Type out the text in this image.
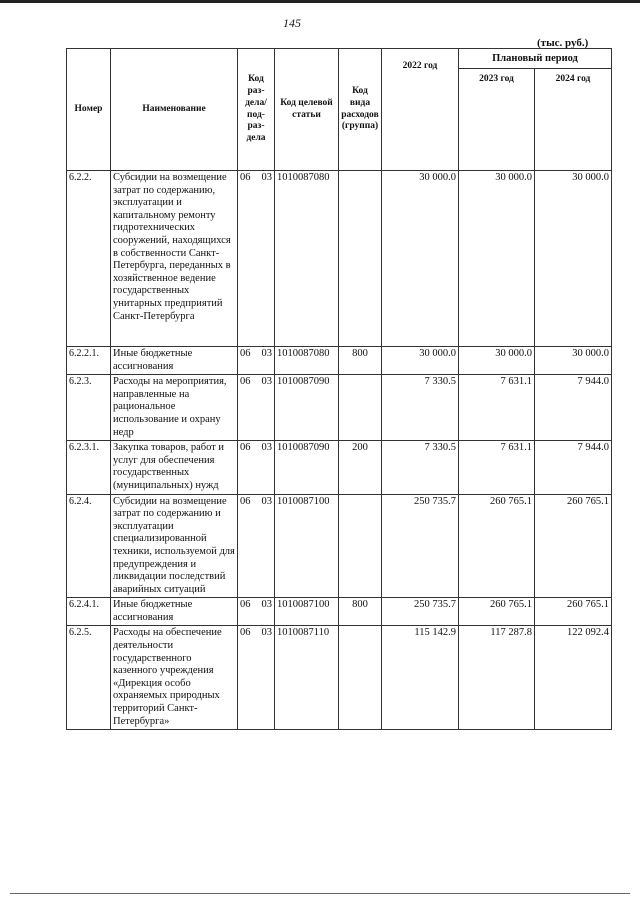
145
(тыс. руб.)
Номер	Наименование	Код раз-дела/ под-раз-дела		Код целевой статьи	Код вида расходов (группа)	2022 год	Плановый период	
							2023 год	2024 год
6.2.2.	Субсидии на возмещение затрат по содержанию, эксплуатации и капитальному ремонту гидротехнических сооружений, находящихся в собственности Санкт-Петербурга, переданных в хозяйственное ведение государственных унитарных предприятий Санкт-Петербурга	06	03	1010087080		30 000.0	30 000.0	30 000.0
6.2.2.1.	Иные бюджетные ассигнования	06	03	1010087080	800	30 000.0	30 000.0	30 000.0
6.2.3.	Расходы на мероприятия, направленные на рациональное использование и охрану недр	06	03	1010087090		7 330.5	7 631.1	7 944.0
6.2.3.1.	Закупка товаров, работ и услуг для обеспечения государственных (муниципальных) нужд	06	03	1010087090	200	7 330.5	7 631.1	7 944.0
6.2.4.	Субсидии на возмещение затрат по содержанию и эксплуатации специализированной техники, используемой для предупреждения и ликвидации последствий аварийных ситуаций	06	03	1010087100		250 735.7	260 765.1	260 765.1
6.2.4.1.	Иные бюджетные ассигнования	06	03	1010087100	800	250 735.7	260 765.1	260 765.1
6.2.5.	Расходы на обеспечение деятельности государственного казенного учреждения «Дирекция особо охраняемых природных территорий Санкт-Петербурга»	06	03	1010087110		115 142.9	117 287.8	122 092.4
